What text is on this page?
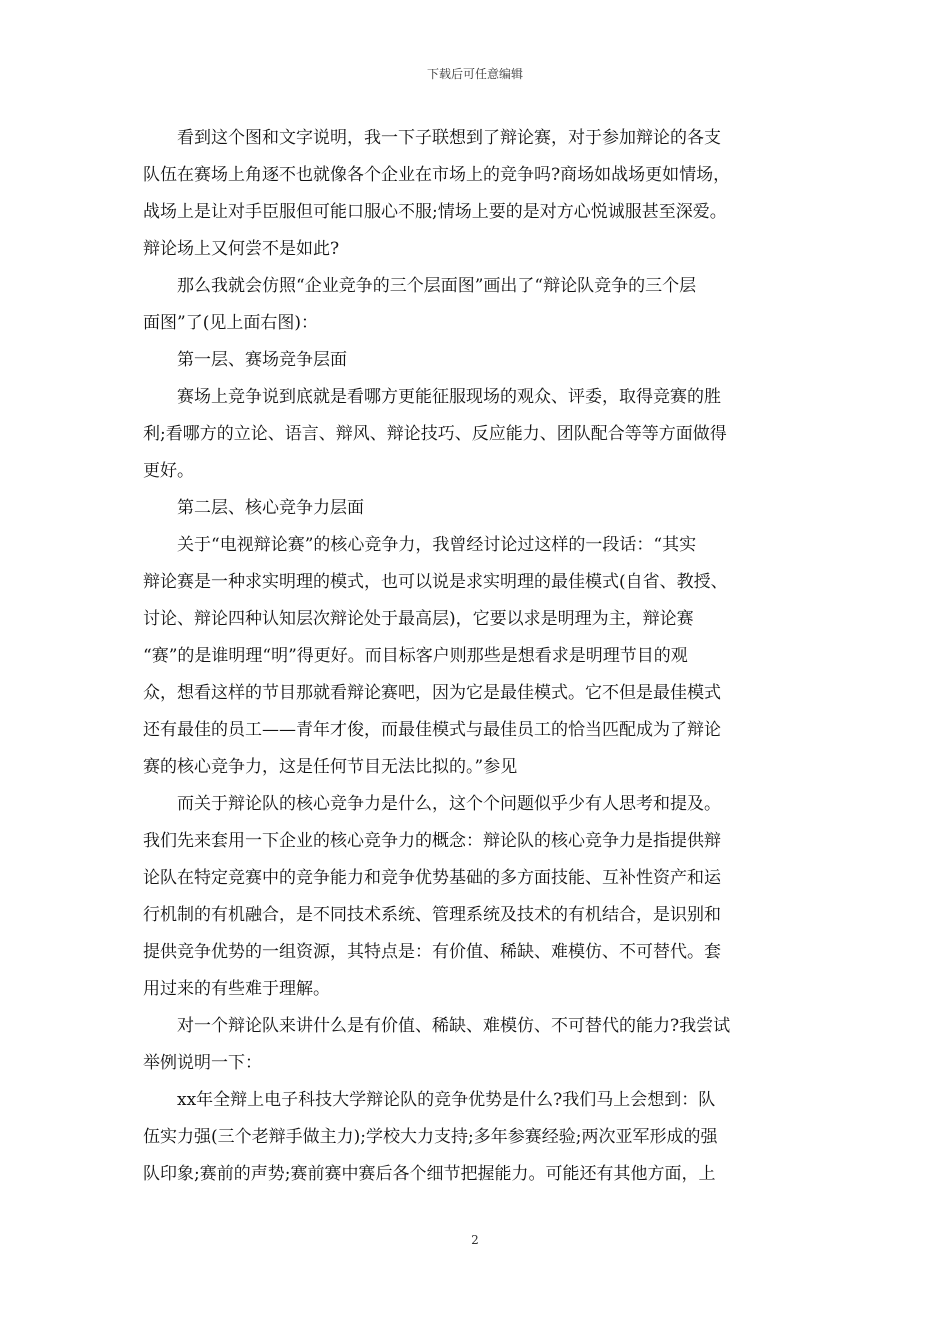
下载后可任意编辑

看到这个图和文字说明，我一下子联想到了辩论赛，对于参加辩论的各支

队伍在赛场上角逐不也就像各个企业在市场上的竞争吗?商场如战场更如情场，
战场上是让对手臣服但可能口服心不服;情场上要的是对方心悦诚服甚至深爱。
辩论场上又何尝不是如此?

那么我就会仿照“企业竞争的三个层面图”画出了“辩论队竞争的三个层

面图”了(见上面右图)：

第一层、赛场竞争层面

赛场上竞争说到底就是看哪方更能征服现场的观众、评委，取得竞赛的胜

利;看哪方的立论、语言、辩风、辩论技巧、反应能力、团队配合等等方面做得
更好。

第二层、核心竞争力层面

关于“电视辩论赛”的核心竞争力，我曾经讨论过这样的一段话：“其实

辩论赛是一种求实明理的模式，也可以说是求实明理的最佳模式(自省、教授、
讨论、辩论四种认知层次辩论处于最高层)，它要以求是明理为主，辩论赛
“赛”的是谁明理“明”得更好。而目标客户则那些是想看求是明理节目的观
众，想看这样的节目那就看辩论赛吧，因为它是最佳模式。它不但是最佳模式
还有最佳的员工——青年才俊，而最佳模式与最佳员工的恰当匹配成为了辩论
赛的核心竞争力，这是任何节目无法比拟的。”参见

而关于辩论队的核心竞争力是什么，这个个问题似乎少有人思考和提及。

我们先来套用一下企业的核心竞争力的概念：辩论队的核心竞争力是指提供辩
论队在特定竞赛中的竞争能力和竞争优势基础的多方面技能、互补性资产和运
行机制的有机融合，是不同技术系统、管理系统及技术的有机结合，是识别和
提供竞争优势的一组资源，其特点是：有价值、稀缺、难模仿、不可替代。套
用过来的有些难于理解。

对一个辩论队来讲什么是有价值、稀缺、难模仿、不可替代的能力?我尝试

举例说明一下：

xx年全辩上电子科技大学辩论队的竞争优势是什么?我们马上会想到：队

伍实力强(三个老辩手做主力);学校大力支持;多年参赛经验;两次亚军形成的强
队印象;赛前的声势;赛前赛中赛后各个细节把握能力。可能还有其他方面，上

2
